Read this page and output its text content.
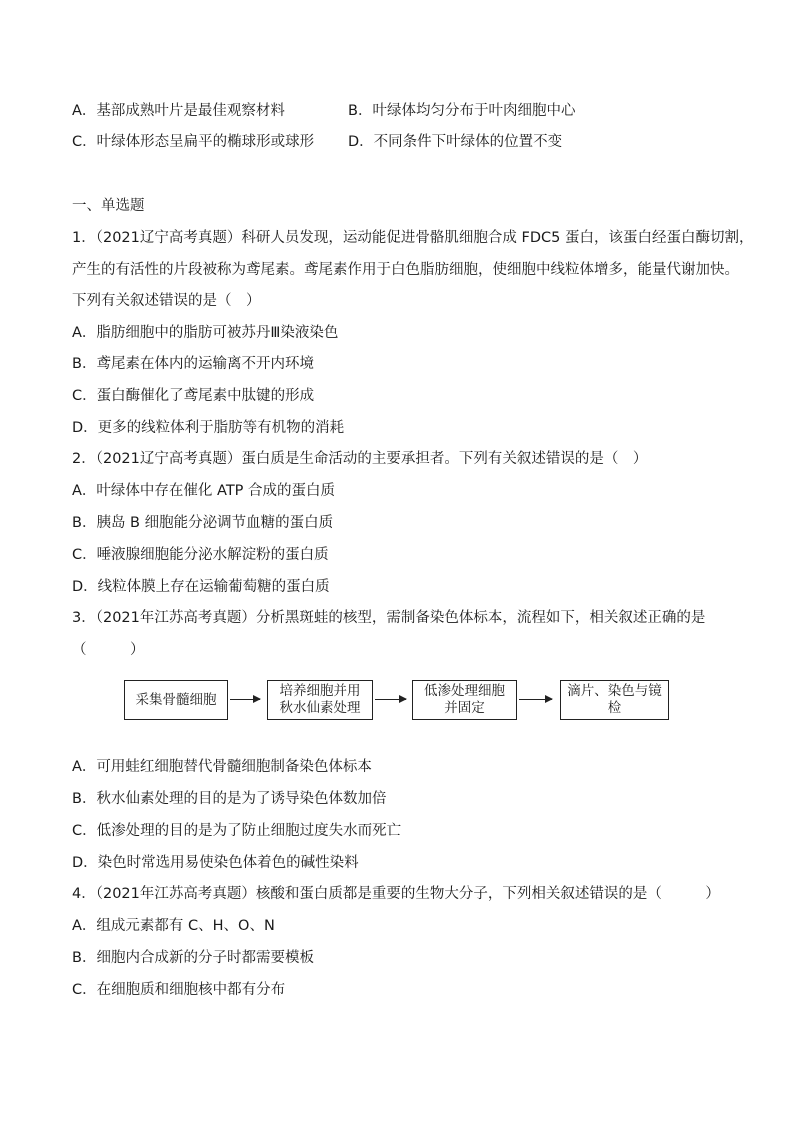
A．基部成熟叶片是最佳观察材料	B．叶绿体均匀分布于叶肉细胞中心
C．叶绿体形态呈扁平的椭球形或球形 D．不同条件下叶绿体的位置不变
一、单选题
1．（2021辽宁高考真题）科研人员发现，运动能促进骨骼肌细胞合成 FDC5 蛋白，该蛋白经蛋白酶切割，
产生的有活性的片段被称为鸢尾素。鸢尾素作用于白色脂肪细胞，使细胞中线粒体增多，能量代谢加快。
下列有关叙述错误的是（　）
A．脂肪细胞中的脂肪可被苏丹Ⅲ染液染色
B．鸢尾素在体内的运输离不开内环境
C．蛋白酶催化了鸢尾素中肽键的形成
D．更多的线粒体利于脂肪等有机物的消耗
2．（2021辽宁高考真题）蛋白质是生命活动的主要承担者。下列有关叙述错误的是（　）
A．叶绿体中存在催化 ATP 合成的蛋白质
B．胰岛 B 细胞能分泌调节血糖的蛋白质
C．唾液腺细胞能分泌水解淀粉的蛋白质
D．线粒体膜上存在运输葡萄糖的蛋白质
3．（2021年江苏高考真题）分析黑斑蛙的核型，需制备染色体标本，流程如下，相关叙述正确的是
（　　　）
采集骨髓细胞
培养细胞并用
秋水仙素处理
低渗处理细胞
并固定
滴片、染色与镜检
A．可用蛙红细胞替代骨髓细胞制备染色体标本
B．秋水仙素处理的目的是为了诱导染色体数加倍
C．低渗处理的目的是为了防止细胞过度失水而死亡
D．染色时常选用易使染色体着色的碱性染料
4．（2021年江苏高考真题）核酸和蛋白质都是重要的生物大分子，下列相关叙述错误的是（　　　）
A．组成元素都有 C、H、O、N
B．细胞内合成新的分子时都需要模板
C．在细胞质和细胞核中都有分布
